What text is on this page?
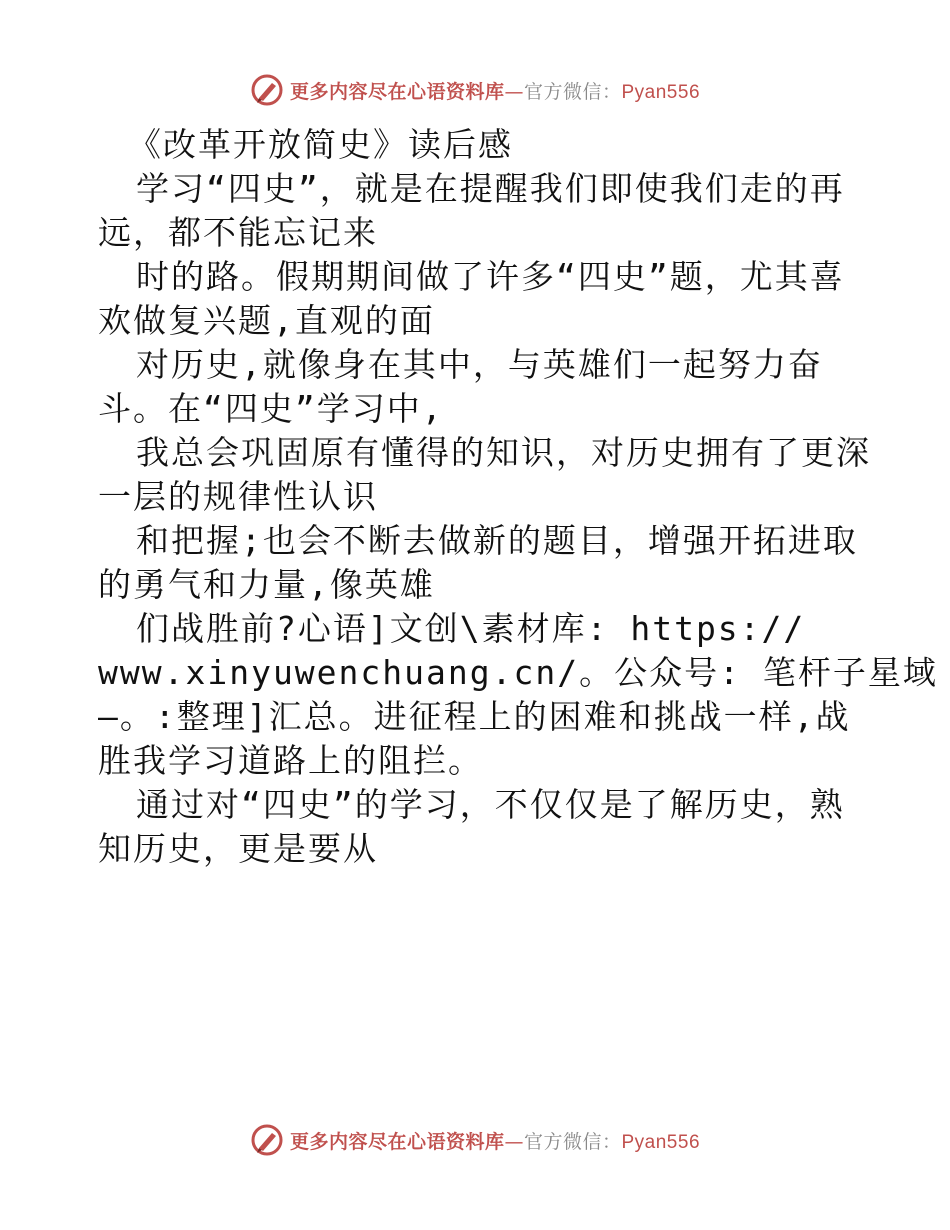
更多内容尽在心语资料库—官方微信：Pyan556
《改革开放简史》读后感
学习“四史”，就是在提醒我们即使我们走的再
远，都不能忘记来
时的路。假期期间做了许多“四史”题，尤其喜
欢做复兴题,直观的面
对历史,就像身在其中，与英雄们一起努力奋
斗。在“四史”学习中,
我总会巩固原有懂得的知识，对历史拥有了更深
一层的规律性认识
和把握;也会不断去做新的题目，增强开拓进取
的勇气和力量,像英雄
们战胜前?心语]文创\素材库: https://
www.xinyuwenchuang.cn/。公众号: 笔杆子星域
—。:整理]汇总。进征程上的困难和挑战一样,战
胜我学习道路上的阻拦。
通过对“四史”的学习，不仅仅是了解历史，熟
知历史，更是要从
更多内容尽在心语资料库—官方微信：Pyan556
